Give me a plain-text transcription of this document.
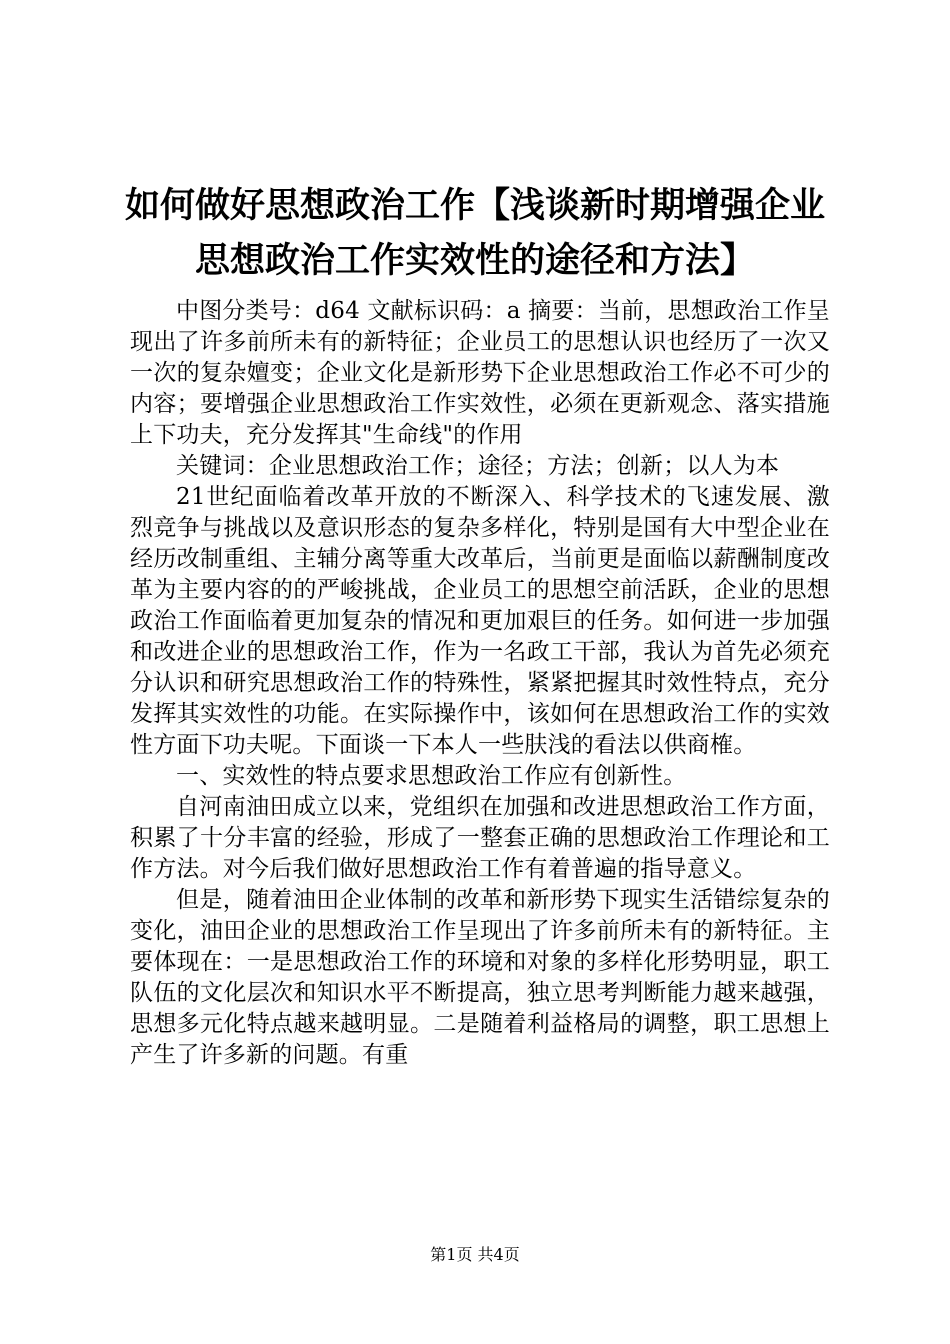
如何做好思想政治工作【浅谈新时期增强企业思想政治工作实效性的途径和方法】

中图分类号：d64 文献标识码：a 摘要：当前，思想政治工作呈现出了许多前所未有的新特征；企业员工的思想认识也经历了一次又一次的复杂嬗变；企业文化是新形势下企业思想政治工作必不可少的内容；要增强企业思想政治工作实效性，必须在更新观念、落实措施上下功夫，充分发挥其"生命线"的作用

关键词：企业思想政治工作；途径；方法；创新；以人为本

21世纪面临着改革开放的不断深入、科学技术的飞速发展、激烈竞争与挑战以及意识形态的复杂多样化，特别是国有大中型企业在经历改制重组、主辅分离等重大改革后，当前更是面临以薪酬制度改革为主要内容的的严峻挑战，企业员工的思想空前活跃，企业的思想政治工作面临着更加复杂的情况和更加艰巨的任务。如何进一步加强和改进企业的思想政治工作，作为一名政工干部，我认为首先必须充分认识和研究思想政治工作的特殊性，紧紧把握其时效性特点，充分发挥其实效性的功能。在实际操作中，该如何在思想政治工作的实效性方面下功夫呢。下面谈一下本人一些肤浅的看法以供商榷。

一、实效性的特点要求思想政治工作应有创新性。

自河南油田成立以来，党组织在加强和改进思想政治工作方面，积累了十分丰富的经验，形成了一整套正确的思想政治工作理论和工作方法。对今后我们做好思想政治工作有着普遍的指导意义。

但是，随着油田企业体制的改革和新形势下现实生活错综复杂的变化，油田企业的思想政治工作呈现出了许多前所未有的新特征。主要体现在：一是思想政治工作的环境和对象的多样化形势明显，职工队伍的文化层次和知识水平不断提高，独立思考判断能力越来越强，思想多元化特点越来越明显。二是随着利益格局的调整，职工思想上产生了许多新的问题。有重

第1页 共4页
